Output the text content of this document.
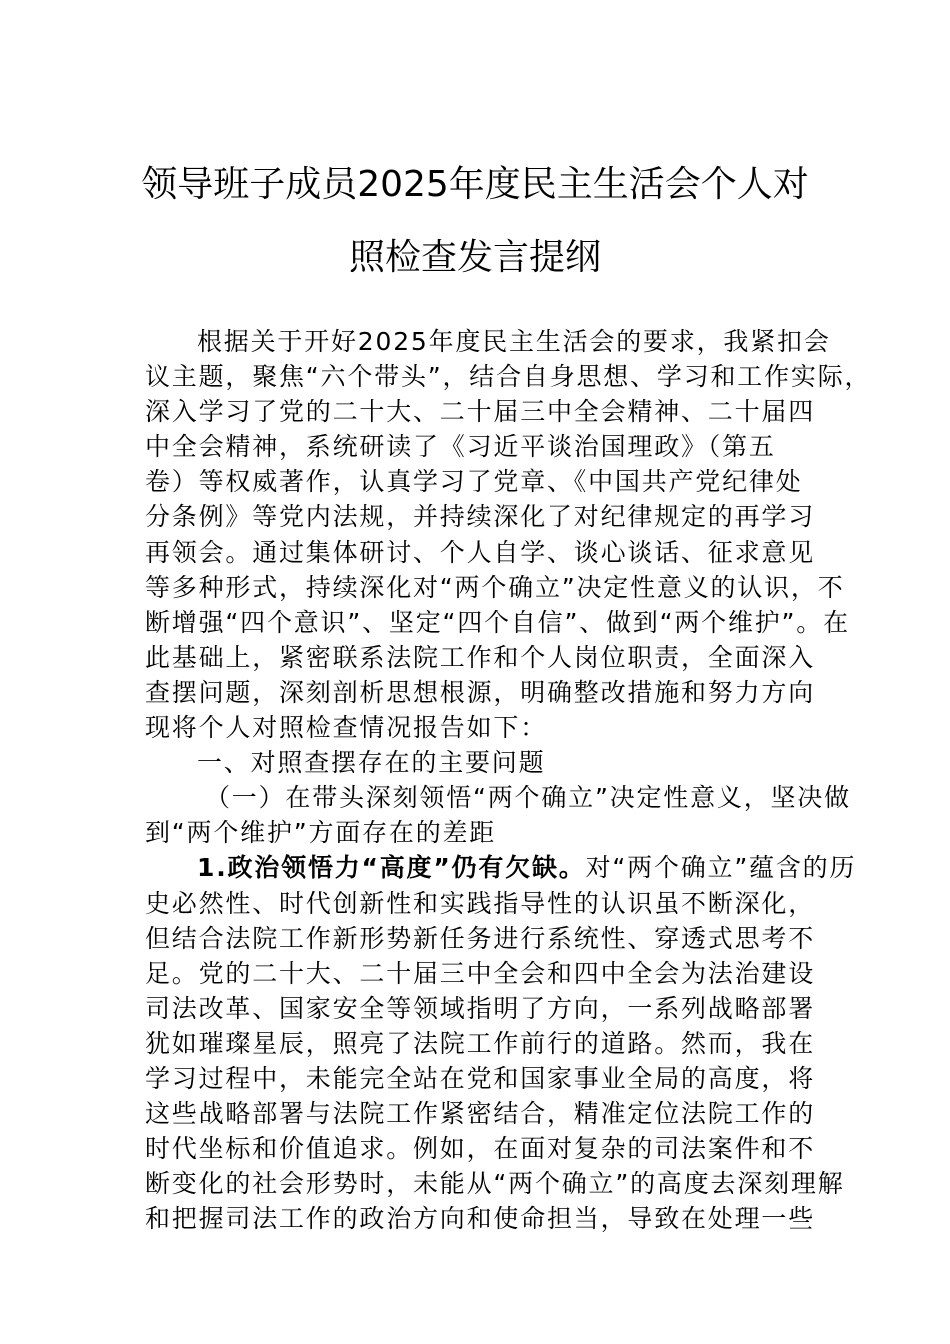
领导班子成员2025年度民主生活会个人对
照检查发言提纲
根据关于开好2025年度民主生活会的要求，我紧扣会
议主题，聚焦“六个带头”，结合自身思想、学习和工作实际，
深入学习了党的二十大、二十届三中全会精神、二十届四
中全会精神，系统研读了《习近平谈治国理政》（第五
卷）等权威著作，认真学习了党章、《中国共产党纪律处
分条例》等党内法规，并持续深化了对纪律规定的再学习
再领会。通过集体研讨、个人自学、谈心谈话、征求意见
等多种形式，持续深化对“两个确立”决定性意义的认识，不
断增强“四个意识”、坚定“四个自信”、做到“两个维护”。在
此基础上，紧密联系法院工作和个人岗位职责，全面深入
查摆问题，深刻剖析思想根源，明确整改措施和努力方向
现将个人对照检查情况报告如下：
一、对照查摆存在的主要问题
（一）在带头深刻领悟“两个确立”决定性意义，坚决做
到“两个维护”方面存在的差距
1.政治领悟力“高度”仍有欠缺。对“两个确立”蕴含的历
史必然性、时代创新性和实践指导性的认识虽不断深化，
但结合法院工作新形势新任务进行系统性、穿透式思考不
足。党的二十大、二十届三中全会和四中全会为法治建设
司法改革、国家安全等领域指明了方向，一系列战略部署
犹如璀璨星辰，照亮了法院工作前行的道路。然而，我在
学习过程中，未能完全站在党和国家事业全局的高度，将
这些战略部署与法院工作紧密结合，精准定位法院工作的
时代坐标和价值追求。例如，在面对复杂的司法案件和不
断变化的社会形势时，未能从“两个确立”的高度去深刻理解
和把握司法工作的政治方向和使命担当，导致在处理一些
